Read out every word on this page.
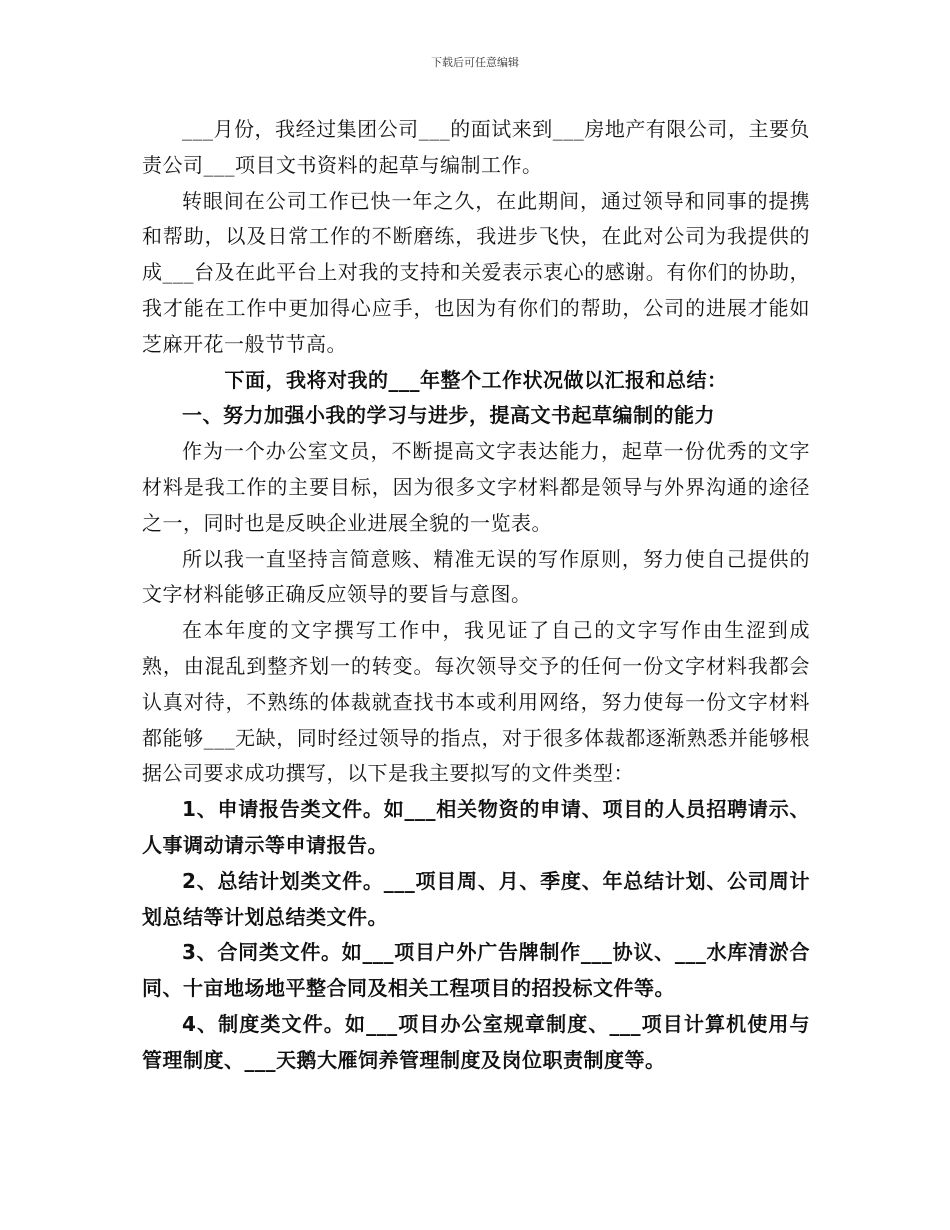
下载后可任意编辑

___月份，我经过集团公司___的面试来到___房地产有限公司，主要负责公司___项目文书资料的起草与编制工作。

转眼间在公司工作已快一年之久，在此期间，通过领导和同事的提携和帮助，以及日常工作的不断磨练，我进步飞快，在此对公司为我提供的成___台及在此平台上对我的支持和关爱表示衷心的感谢。有你们的协助，我才能在工作中更加得心应手，也因为有你们的帮助，公司的进展才能如芝麻开花一般节节高。

下面，我将对我的___年整个工作状况做以汇报和总结：

一、努力加强小我的学习与进步，提高文书起草编制的能力

作为一个办公室文员，不断提高文字表达能力，起草一份优秀的文字材料是我工作的主要目标，因为很多文字材料都是领导与外界沟通的途径之一，同时也是反映企业进展全貌的一览表。

所以我一直坚持言简意赅、精准无误的写作原则，努力使自己提供的文字材料能够正确反应领导的要旨与意图。

在本年度的文字撰写工作中，我见证了自己的文字写作由生涩到成熟，由混乱到整齐划一的转变。每次领导交予的任何一份文字材料我都会认真对待，不熟练的体裁就查找书本或利用网络，努力使每一份文字材料都能够___无缺，同时经过领导的指点，对于很多体裁都逐渐熟悉并能够根据公司要求成功撰写，以下是我主要拟写的文件类型：

1、申请报告类文件。如___相关物资的申请、项目的人员招聘请示、人事调动请示等申请报告。

2、总结计划类文件。___项目周、月、季度、年总结计划、公司周计划总结等计划总结类文件。

3、合同类文件。如___项目户外广告牌制作___协议、___水库清淤合同、十亩地场地平整合同及相关工程项目的招投标文件等。

4、制度类文件。如___项目办公室规章制度、___项目计算机使用与管理制度、___天鹅大雁饲养管理制度及岗位职责制度等。
